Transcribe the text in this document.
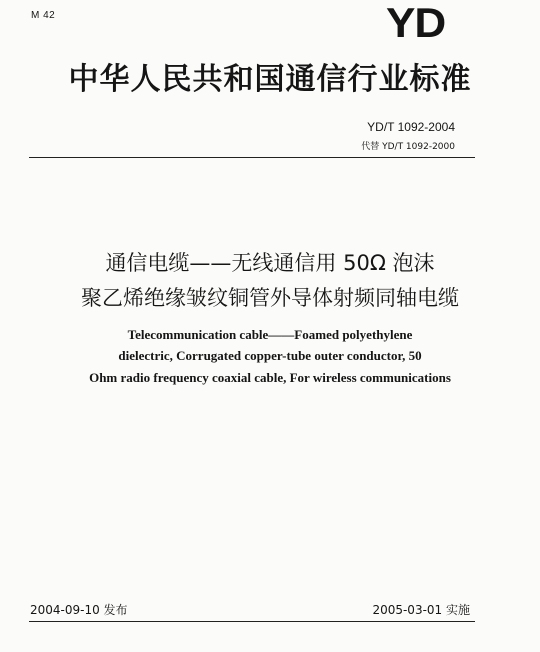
M 42	YD
中华人民共和国通信行业标准
YD/T 1092-2004
代替 YD/T 1092-2000
通信电缆——无线通信用 50Ω 泡沫
聚乙烯绝缘皱纹铜管外导体射频同轴电缆
Telecommunication cable——Foamed polyethylene
dielectric, Corrugated copper-tube outer conductor, 50
Ohm radio frequency coaxial cable, For wireless communications
2004-09-10 发布	2005-03-01 实施
